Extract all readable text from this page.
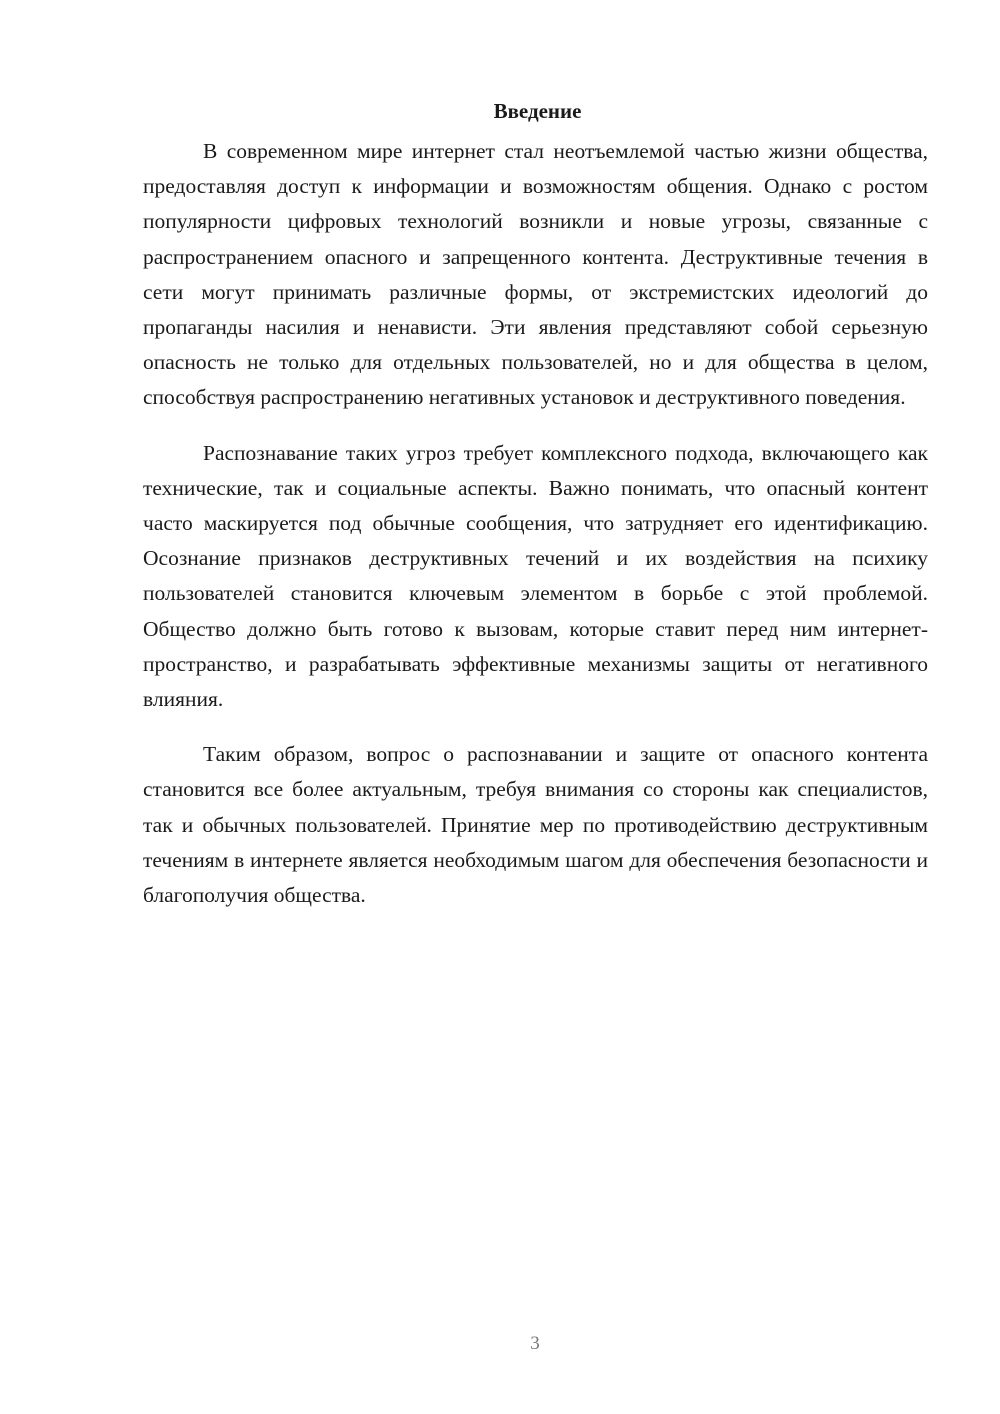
Введение

В современном мире интернет стал неотъемлемой частью жизни общества, предоставляя доступ к информации и возможностям общения. Однако с ростом популярности цифровых технологий возникли и новые угрозы, связанные с распространением опасного и запрещенного контента. Деструктивные течения в сети могут принимать различные формы, от экстремистских идеологий до пропаганды насилия и ненависти. Эти явления представляют собой серьезную опасность не только для отдельных пользователей, но и для общества в целом, способствуя распространению негативных установок и деструктивного поведения.

Распознавание таких угроз требует комплексного подхода, включающего как технические, так и социальные аспекты. Важно понимать, что опасный контент часто маскируется под обычные сообщения, что затрудняет его идентификацию. Осознание признаков деструктивных течений и их воздействия на психику пользователей становится ключевым элементом в борьбе с этой проблемой. Общество должно быть готово к вызовам, которые ставит перед ним интернет-пространство, и разрабатывать эффективные механизмы защиты от негативного влияния.

Таким образом, вопрос о распознавании и защите от опасного контента становится все более актуальным, требуя внимания со стороны как специалистов, так и обычных пользователей. Принятие мер по противодействию деструктивным течениям в интернете является необходимым шагом для обеспечения безопасности и благополучия общества.

3
